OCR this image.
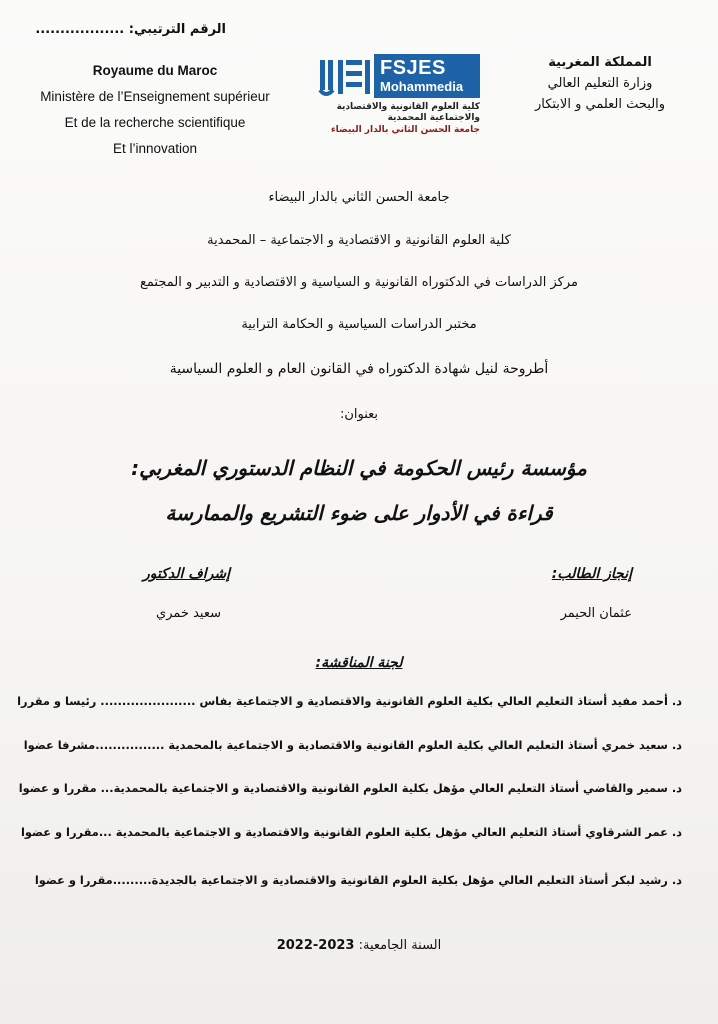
الرقم الترتيبي: ..................
Royaume du Maroc
Ministère de l’Enseignement supérieur
Et de la recherche scientifique
Et l’innovation
FSJES
Mohammedia
كلية العلوم القانونية والاقتصادية
والاجتماعية المحمدية
جامعة الحسن الثاني بالدار البيضاء
المملكة المغربية
وزارة التعليم العالي
والبحث العلمي و الابتكار
جامعة الحسن الثاني بالدار البيضاء
كلية العلوم القانونية و الاقتصادية و الاجتماعية – المحمدية
مركز الدراسات في الدكتوراه القانونية و السياسية و الاقتصادية و التدبير و المجتمع
مختبر الدراسات السياسية و الحكامة الترابية
أطروحة لنيل شهادة الدكتوراه في القانون العام و العلوم السياسية
بعنوان:
مؤسسة رئيس الحكومة في النظام الدستوري المغربي:
قراءة في الأدوار على ضوء التشريع والممارسة
إنجاز الطالب:
عثمان الحيمر
إشراف الدكتور
سعيد خمري
لجنة المناقشة:
د. أحمد مفيد أستاذ التعليم العالي بكلية العلوم القانونية والاقتصادية و الاجتماعية بفاس ...................... رئيسا و مقررا
د. سعيد خمري أستاذ التعليم العالي بكلية العلوم القانونية والاقتصادية و الاجتماعية بالمحمدية ................مشرفا عضوا
د. سمير والقاضي أستاذ التعليم العالي مؤهل بكلية العلوم القانونية والاقتصادية و الاجتماعية بالمحمدية... مقررا و عضوا
د. عمر الشرقاوي أستاذ التعليم العالي مؤهل بكلية العلوم القانونية والاقتصادية و الاجتماعية بالمحمدية ...مقررا و عضوا
د. رشيد لبكر أستاذ التعليم العالي مؤهل بكلية العلوم القانونية والاقتصادية و الاجتماعية بالجديدة.........مقررا و عضوا
السنة الجامعية: 2022-2023
